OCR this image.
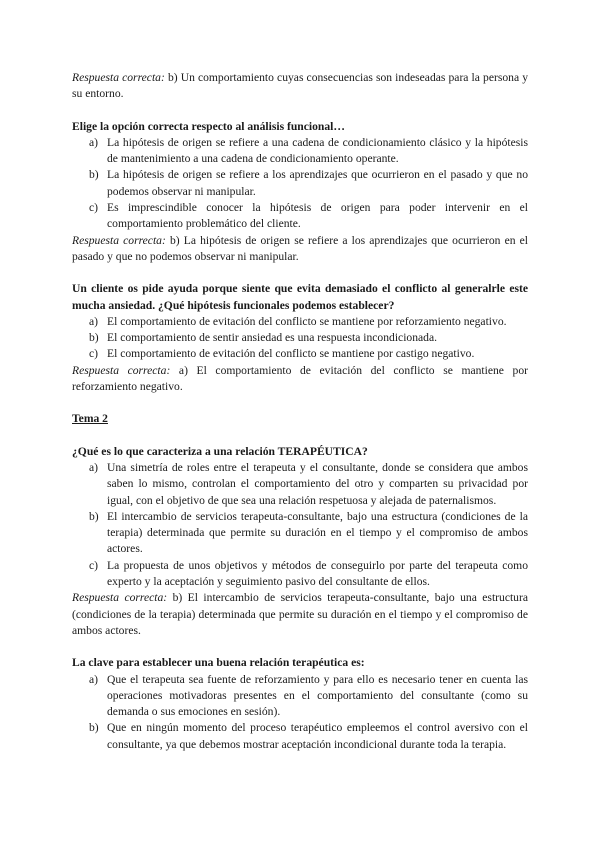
Respuesta correcta: b) Un comportamiento cuyas consecuencias son indeseadas para la persona y su entorno.

Elige la opción correcta respecto al análisis funcional…

a) La hipótesis de origen se refiere a una cadena de condicionamiento clásico y la hipótesis de mantenimiento a una cadena de condicionamiento operante.
b) La hipótesis de origen se refiere a los aprendizajes que ocurrieron en el pasado y que no podemos observar ni manipular.
c) Es imprescindible conocer la hipótesis de origen para poder intervenir en el comportamiento problemático del cliente.

Respuesta correcta: b) La hipótesis de origen se refiere a los aprendizajes que ocurrieron en el pasado y que no podemos observar ni manipular.

Un cliente os pide ayuda porque siente que evita demasiado el conflicto al generalrle este mucha ansiedad. ¿Qué hipótesis funcionales podemos establecer?

a) El comportamiento de evitación del conflicto se mantiene por reforzamiento negativo.
b) El comportamiento de sentir ansiedad es una respuesta incondicionada.
c) El comportamiento de evitación del conflicto se mantiene por castigo negativo.

Respuesta correcta: a) El comportamiento de evitación del conflicto se mantiene por reforzamiento negativo.

Tema 2

¿Qué es lo que caracteriza a una relación TERAPÉUTICA?

a) Una simetría de roles entre el terapeuta y el consultante, donde se considera que ambos saben lo mismo, controlan el comportamiento del otro y comparten su privacidad por igual, con el objetivo de que sea una relación respetuosa y alejada de paternalismos.
b) El intercambio de servicios terapeuta-consultante, bajo una estructura (condiciones de la terapia) determinada que permite su duración en el tiempo y el compromiso de ambos actores.
c) La propuesta de unos objetivos y métodos de conseguirlo por parte del terapeuta como experto y la aceptación y seguimiento pasivo del consultante de ellos.

Respuesta correcta: b) El intercambio de servicios terapeuta-consultante, bajo una estructura (condiciones de la terapia) determinada que permite su duración en el tiempo y el compromiso de ambos actores.

La clave para establecer una buena relación terapéutica es:

a) Que el terapeuta sea fuente de reforzamiento y para ello es necesario tener en cuenta las operaciones motivadoras presentes en el comportamiento del consultante (como su demanda o sus emociones en sesión).
b) Que en ningún momento del proceso terapéutico empleemos el control aversivo con el consultante, ya que debemos mostrar aceptación incondicional durante toda la terapia.
